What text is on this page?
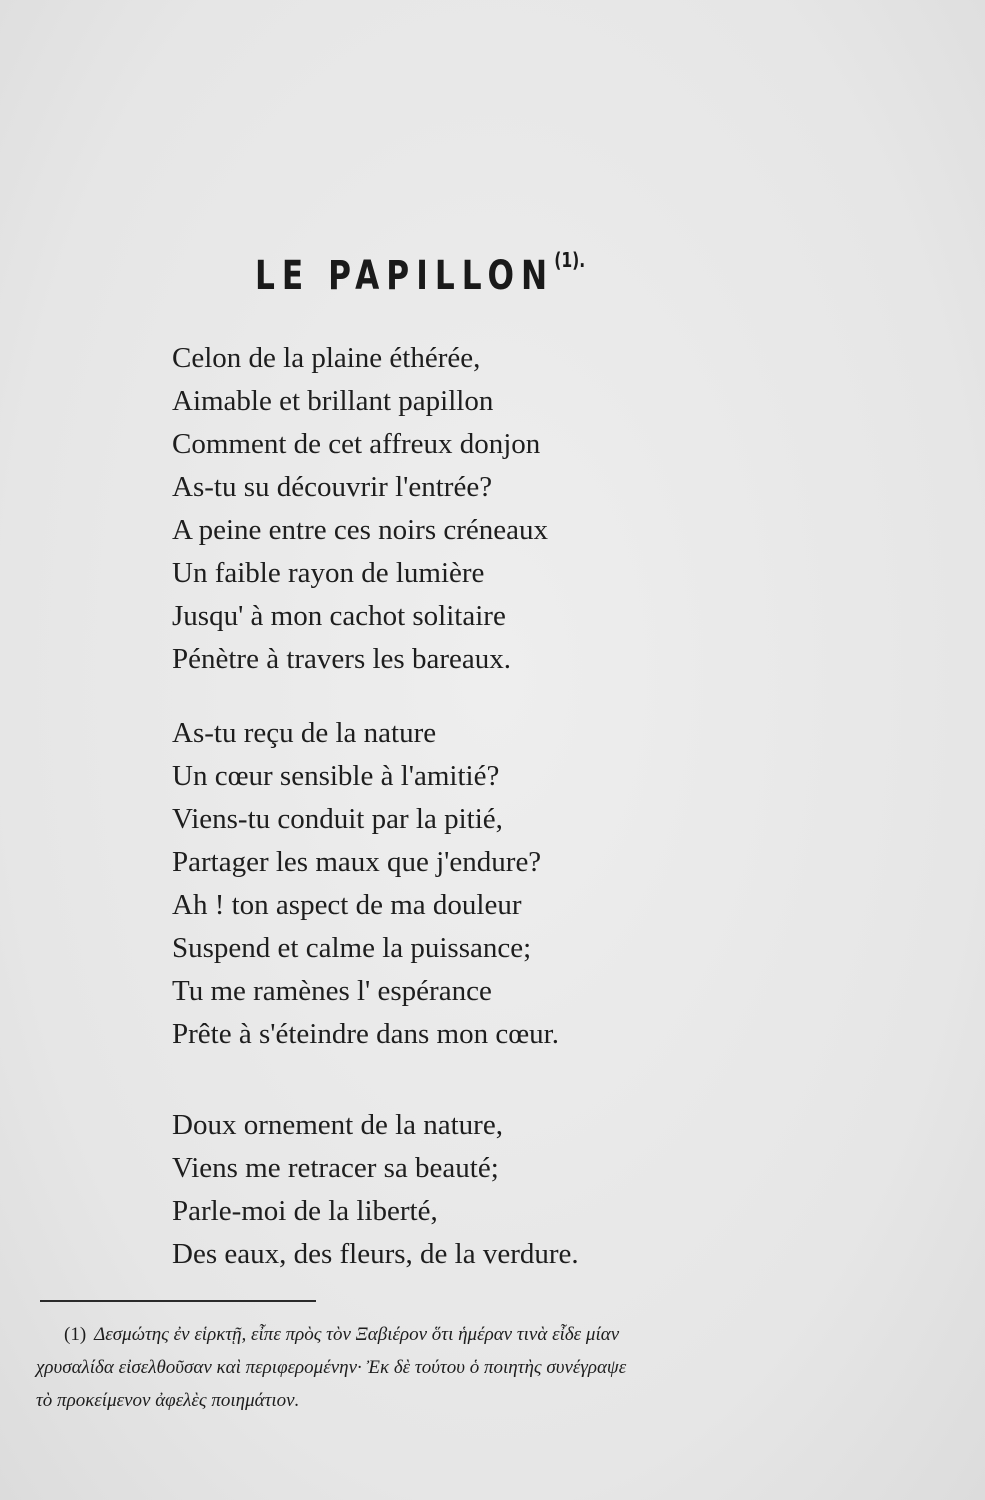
LE $PAPILLON^{(1).}$
Celon de la plaine éthérée,
Aimable et brillant papillon
Comment de cet affreux donjon
As-tu su découvrir l'entrée?
A peine entre ces noirs créneaux
Un faible rayon de lumière
Jusqu' à mon cachot solitaire
Pénètre à travers les bareaux.
As-tu reçu de la nature
Un cœur sensible à l'amitié?
Viens-tu conduit par la pitié,
Partager les maux que j'endure?
Ah ! ton aspect de ma douleur
Suspend et calme la puissance;
Tu me ramènes l' espérance
Prête à s'éteindre dans mon cœur.
Doux ornement de la nature,
Viens me retracer sa beauté;
Parle-moi de la liberté,
Des eaux, des fleurs, de la verdure.
(1) Δεσμώτης ἐν εἱρκτῇ, εἶπε πρὸς τὸν Ξαβιέρον ὅτι ἡμέραν τινὰ εἶδε μίαν
χρυσαλίδα εἰσελθοῦσαν καὶ περιφερομένην· Ἐκ δὲ τούτου ὁ ποιητὴς συνέγραψε
τὸ προκείμενον ἀφελὲς ποιημάτιον.
